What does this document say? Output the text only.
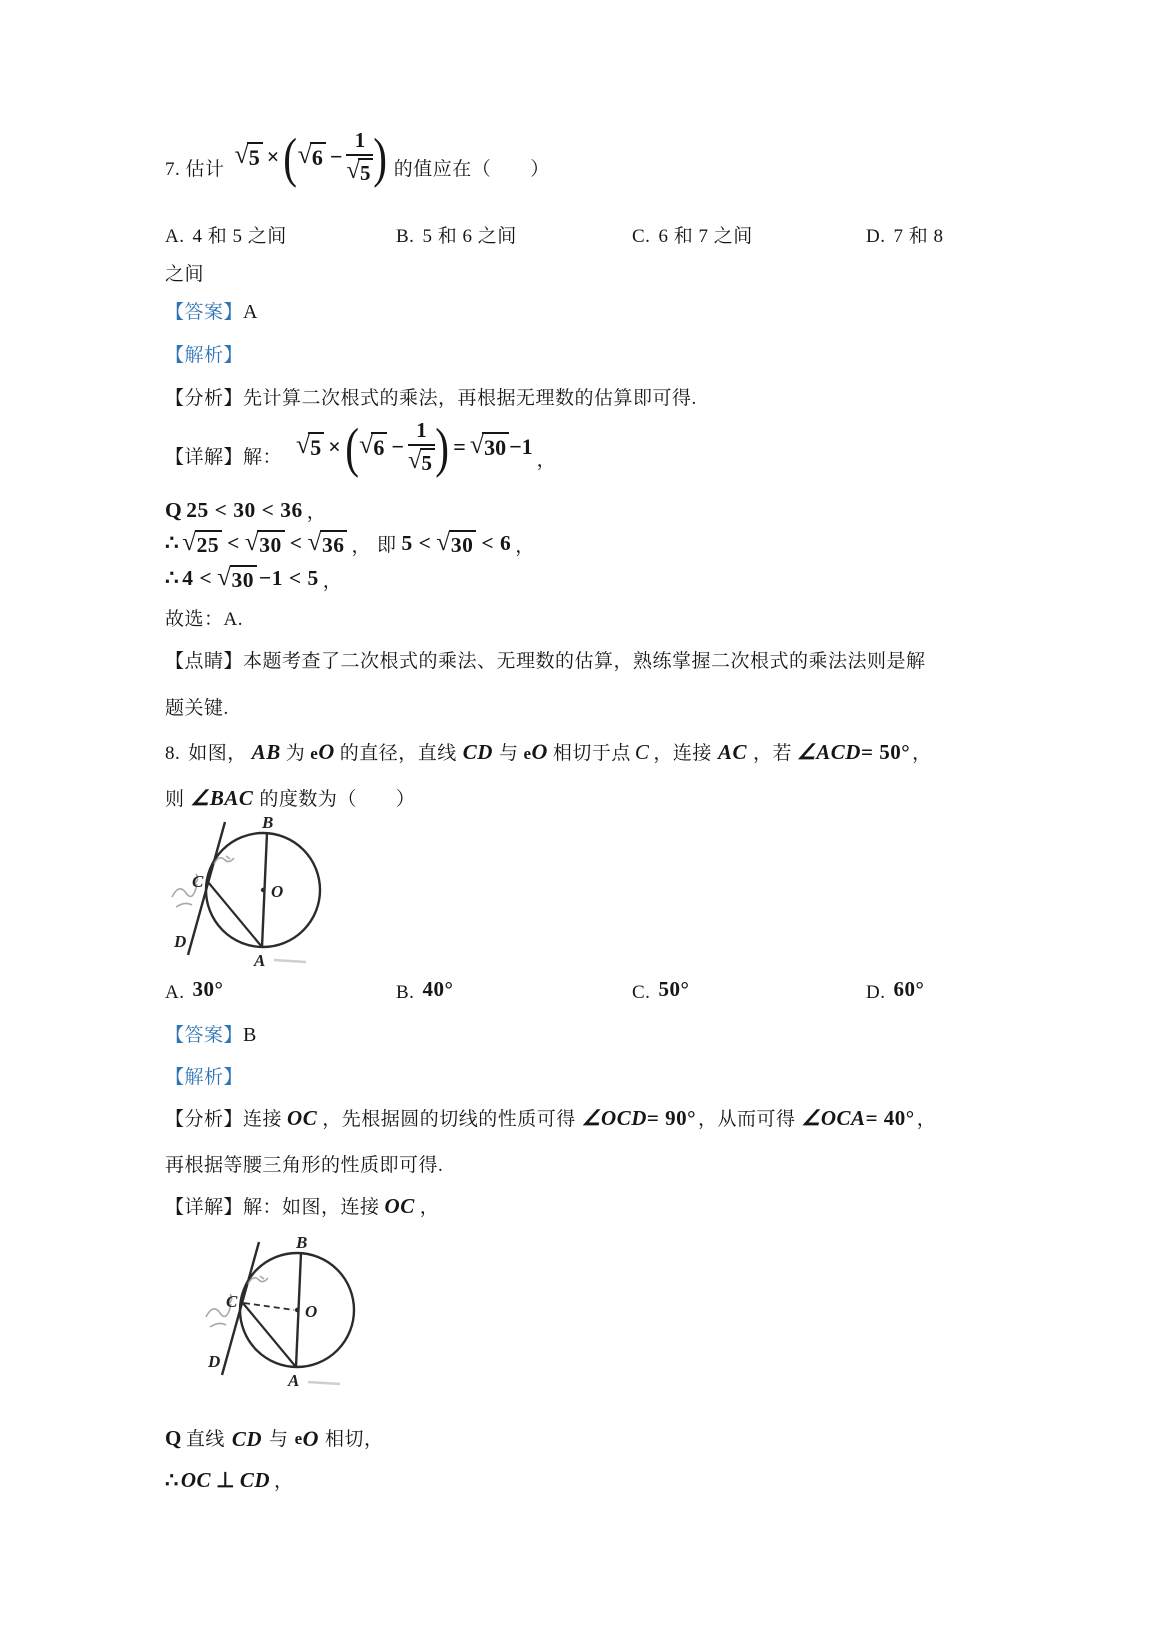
7. 估计
√ 5 × ( √ $6 - \frac{1}{√ 5}$ ) 的值应在（　　）
A. 4 和 5 之间	B. 5 和 6 之间	C. 6 和 7 之间	D. 7 和 8
之间
【答案】 A
【解析】
【分析】 先计算二次根式的乘法，再根据无理数的估算即可得.
【详解】解： √ 5 × ( √ $6 - \frac{1}{√ 5}$ ) = √ 30 −1
，
Q 25 < 30 < 36 ，
∴ √ 25 < √ 30 < √ 36 ， 即 5 < √ 30 < 6 ，
∴ 4 < √ 30 −1 < 5 ，
故选：A.
【点睛】 本题考查了二次根式的乘法、无理数的估算，熟练掌握二次根式的乘法法则是解
题关键.
8. 如图， AB 为 e O 的直径，直线 CD 与 e O 相切于点 C ，连接 AC ，若 ∠ACD = 50° ，
则 ∠BAC 的度数为（　　）
B
O
C
D
A
A. 30°	B. 40°	C. 50°	D. 60°
【答案】 B
【解析】
【分析】 连接 OC ，先根据圆的切线的性质可得 ∠OCD = 90° ，从而可得 ∠OCA = 40° ，
再根据等腰三角形的性质即可得.
【详解】 解：如图，连接 OC ，
B
O
C
D
A
Q 直线 CD 与 e O 相切，
∴ OC ⊥ CD ，
